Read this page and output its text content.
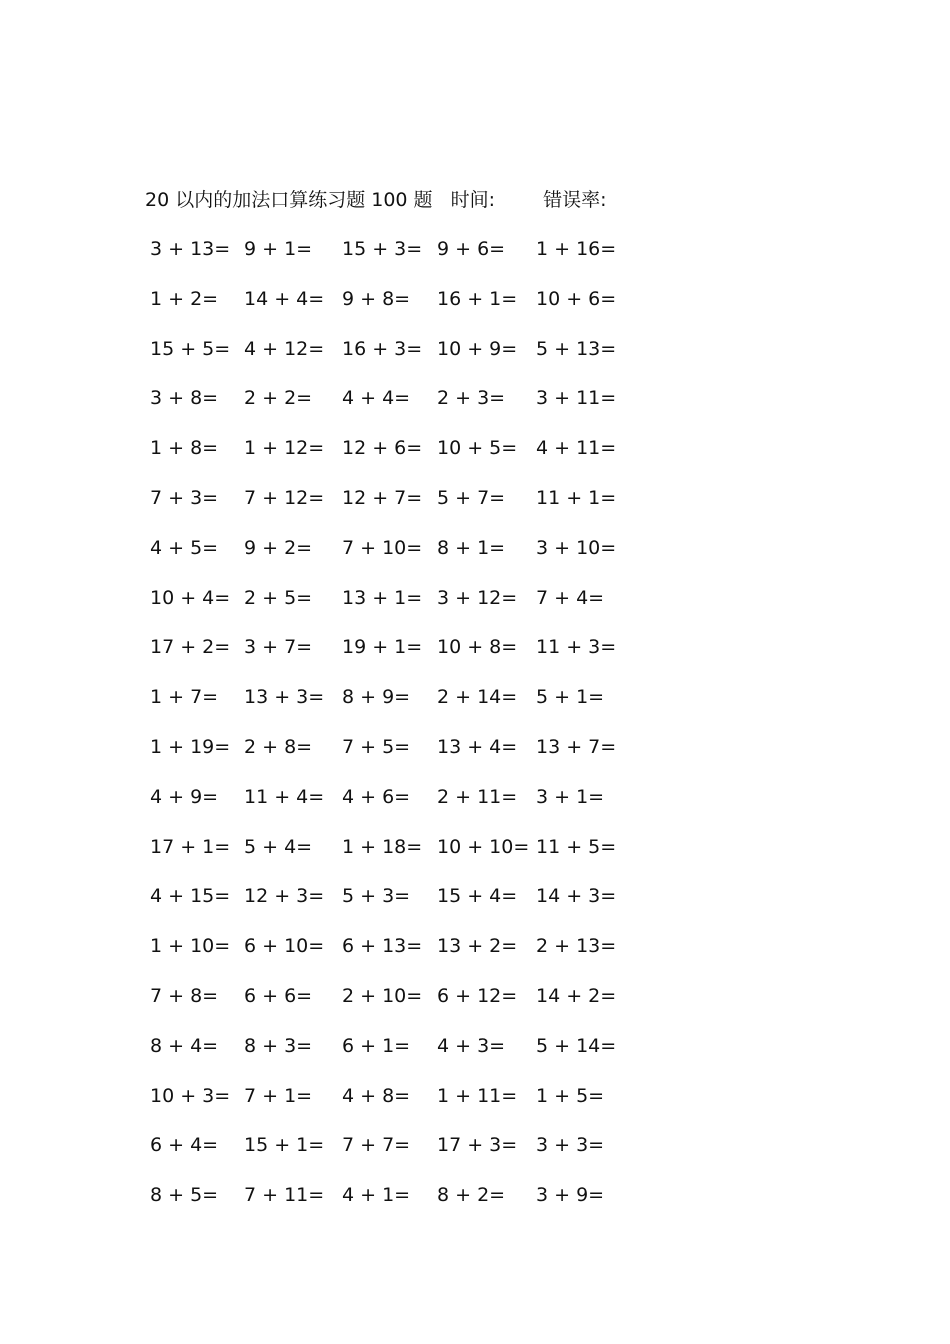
20 以内的加法口算练习题 100 题 时间:	错误率:
3 + 13= 9 + 1= 15 + 3= 9 + 6= 1 + 16=
1 + 2= 14 + 4= 9 + 8= 16 + 1= 10 + 6=
15 + 5= 4 + 12= 16 + 3= 10 + 9= 5 + 13=
3 + 8= 2 + 2= 4 + 4= 2 + 3= 3 + 11=
1 + 8= 1 + 12= 12 + 6= 10 + 5= 4 + 11=
7 + 3= 7 + 12= 12 + 7= 5 + 7= 11 + 1=
4 + 5= 9 + 2= 7 + 10= 8 + 1= 3 + 10=
10 + 4= 2 + 5= 13 + 1= 3 + 12= 7 + 4=
17 + 2= 3 + 7= 19 + 1= 10 + 8= 11 + 3=
1 + 7= 13 + 3= 8 + 9= 2 + 14= 5 + 1=
1 + 19= 2 + 8= 7 + 5= 13 + 4= 13 + 7=
4 + 9= 11 + 4= 4 + 6= 2 + 11= 3 + 1=
17 + 1= 5 + 4= 1 + 18= 10 + 10= 11 + 5=
4 + 15= 12 + 3= 5 + 3= 15 + 4= 14 + 3=
1 + 10= 6 + 10= 6 + 13= 13 + 2= 2 + 13=
7 + 8= 6 + 6= 2 + 10= 6 + 12= 14 + 2=
8 + 4= 8 + 3= 6 + 1= 4 + 3= 5 + 14=
10 + 3= 7 + 1= 4 + 8= 1 + 11= 1 + 5=
6 + 4= 15 + 1= 7 + 7= 17 + 3= 3 + 3=
8 + 5= 7 + 11= 4 + 1= 8 + 2= 3 + 9=
